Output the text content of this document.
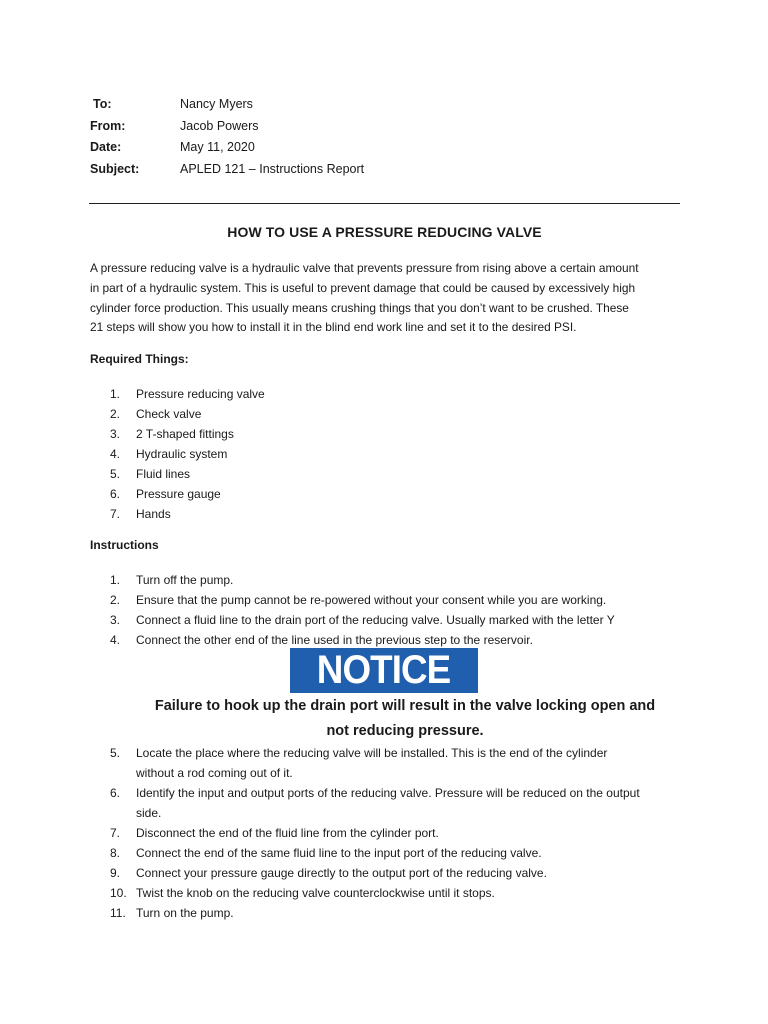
To:	Nancy Myers
From:	Jacob Powers
Date:	May 11, 2020
Subject:	APLED 121 – Instructions Report
HOW TO USE A PRESSURE REDUCING VALVE
A pressure reducing valve is a hydraulic valve that prevents pressure from rising above a certain amount
in part of a hydraulic system. This is useful to prevent damage that could be caused by excessively high
cylinder force production. This usually means crushing things that you don’t want to be crushed. These
21 steps will show you how to install it in the blind end work line and set it to the desired PSI.
Required Things:
1.	Pressure reducing valve
2.	Check valve
3.	2 T-shaped fittings
4.	Hydraulic system
5.	Fluid lines
6.	Pressure gauge
7.	Hands
Instructions
1.	Turn off the pump.
2.	Ensure that the pump cannot be re-powered without your consent while you are working.
3.	Connect a fluid line to the drain port of the reducing valve. Usually marked with the letter Y
4.	Connect the other end of the line used in the previous step to the reservoir.
NOTICE
Failure to hook up the drain port will result in the valve locking open and
not reducing pressure.
5.	Locate the place where the reducing valve will be installed. This is the end of the cylinder
without a rod coming out of it.
6.	Identify the input and output ports of the reducing valve. Pressure will be reduced on the output
side.
7.	Disconnect the end of the fluid line from the cylinder port.
8.	Connect the end of the same fluid line to the input port of the reducing valve.
9.	Connect your pressure gauge directly to the output port of the reducing valve.
10. Twist the knob on the reducing valve counterclockwise until it stops.
11. Turn on the pump.
